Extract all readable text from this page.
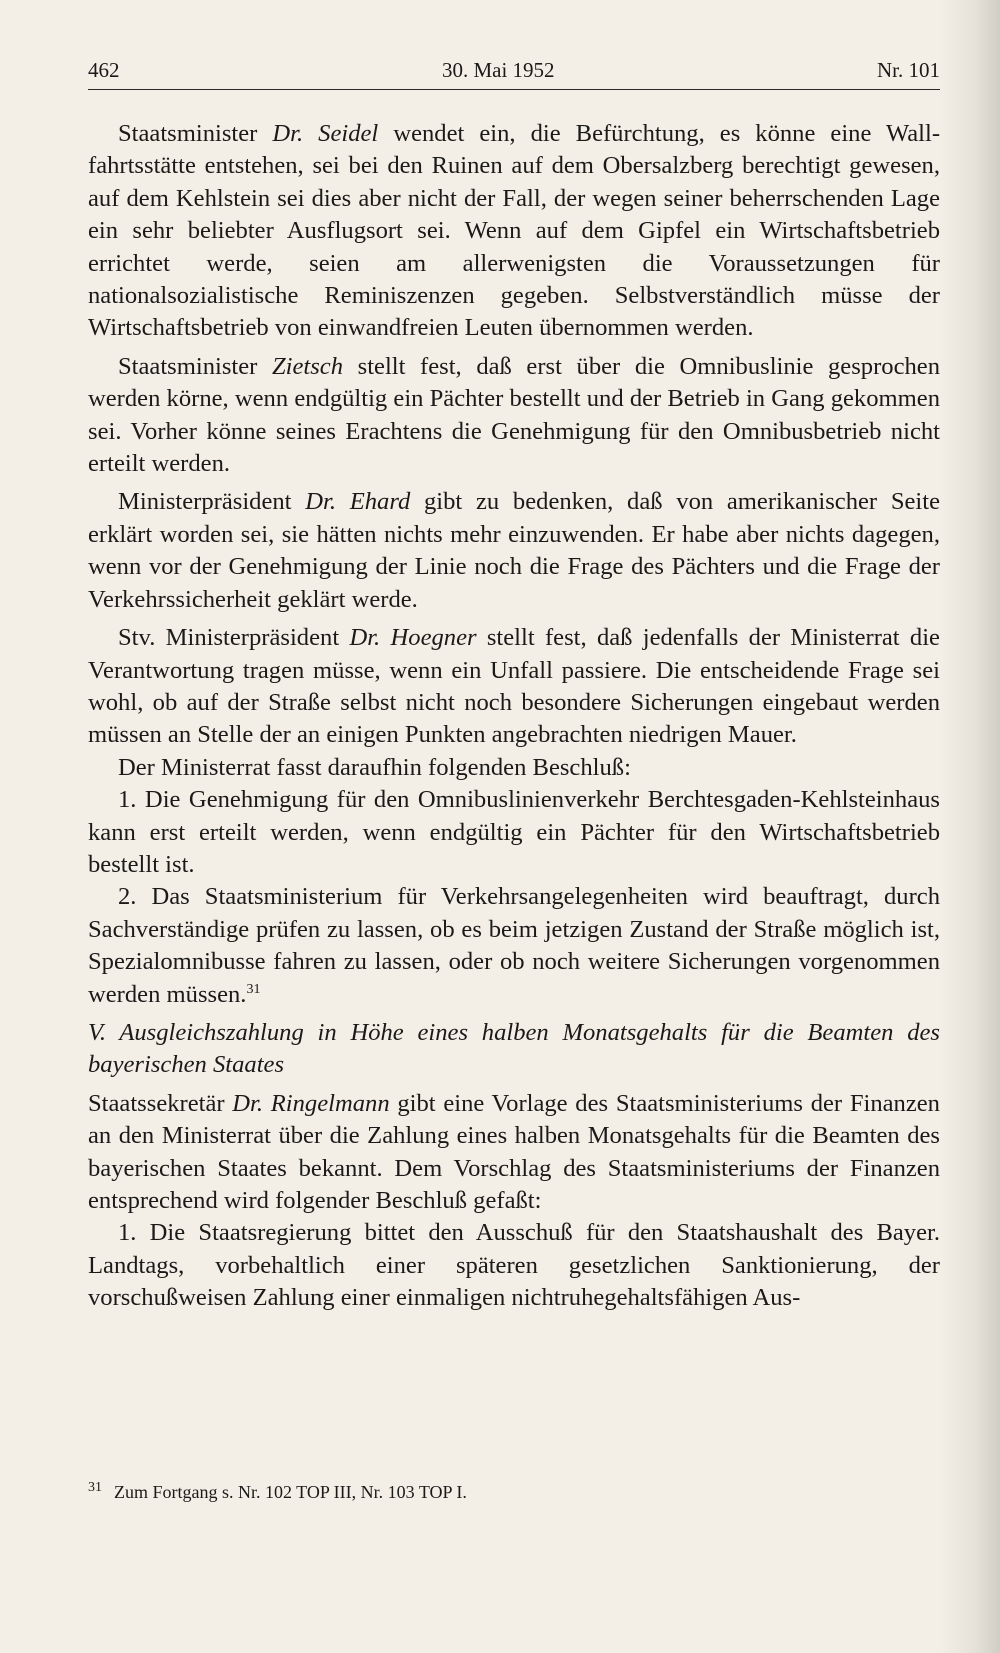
462	30. Mai 1952	Nr. 101

Staatsminister Dr. Seidel wendet ein, die Befürchtung, es könne eine Wallfahrtsstätte entstehen, sei bei den Ruinen auf dem Obersalzberg berechtigt gewesen, auf dem Kehlstein sei dies aber nicht der Fall, der wegen seiner beherrschenden Lage ein sehr beliebter Ausflugsort sei. Wenn auf dem Gipfel ein Wirtschaftsbetrieb errichtet werde, seien am allerwenigsten die Voraussetzungen für nationalsozialistische Reminiszenzen gegeben. Selbstverständlich müsse der Wirtschaftsbetrieb von einwandfreien Leuten übernommen werden.

Staatsminister Zietsch stellt fest, daß erst über die Omnibuslinie gesprochen werden körne, wenn endgültig ein Pächter bestellt und der Betrieb in Gang gekommen sei. Vorher könne seines Erachtens die Genehmigung für den Omnibusbetrieb nicht erteilt werden.

Ministerpräsident Dr. Ehard gibt zu bedenken, daß von amerikanischer Seite erklärt worden sei, sie hätten nichts mehr einzuwenden. Er habe aber nichts dagegen, wenn vor der Genehmigung der Linie noch die Frage des Pächters und die Frage der Verkehrssicherheit geklärt werde.

Stv. Ministerpräsident Dr. Hoegner stellt fest, daß jedenfalls der Ministerrat die Verantwortung tragen müsse, wenn ein Unfall passiere. Die entscheidende Frage sei wohl, ob auf der Straße selbst nicht noch besondere Sicherungen eingebaut werden müssen an Stelle der an einigen Punkten angebrachten niedrigen Mauer.

Der Ministerrat fasst daraufhin folgenden Beschluß:

1. Die Genehmigung für den Omnibuslinienverkehr Berchtesgaden-Kehlsteinhaus kann erst erteilt werden, wenn endgültig ein Pächter für den Wirtschaftsbetrieb bestellt ist.

2. Das Staatsministerium für Verkehrsangelegenheiten wird beauftragt, durch Sachverständige prüfen zu lassen, ob es beim jetzigen Zustand der Straße möglich ist, Spezialomnibusse fahren zu lassen, oder ob noch weitere Sicherungen vorgenommen werden müssen.$^{31}$

V. Ausgleichszahlung in Höhe eines halben Monatsgehalts für die Beamten des bayerischen Staates

Staatssekretär Dr. Ringelmann gibt eine Vorlage des Staatsministeriums der Finanzen an den Ministerrat über die Zahlung eines halben Monatsgehalts für die Beamten des bayerischen Staates bekannt. Dem Vorschlag des Staatsministeriums der Finanzen entsprechend wird folgender Beschluß gefaßt:

1. Die Staatsregierung bittet den Ausschuß für den Staatshaushalt des Bayer. Landtags, vorbehaltlich einer späteren gesetzlichen Sanktionierung, der vorschußweisen Zahlung einer einmaligen nichtruhegehaltsfähigen Aus-

$^{31}$ Zum Fortgang s. Nr. 102 TOP III, Nr. 103 TOP I.
